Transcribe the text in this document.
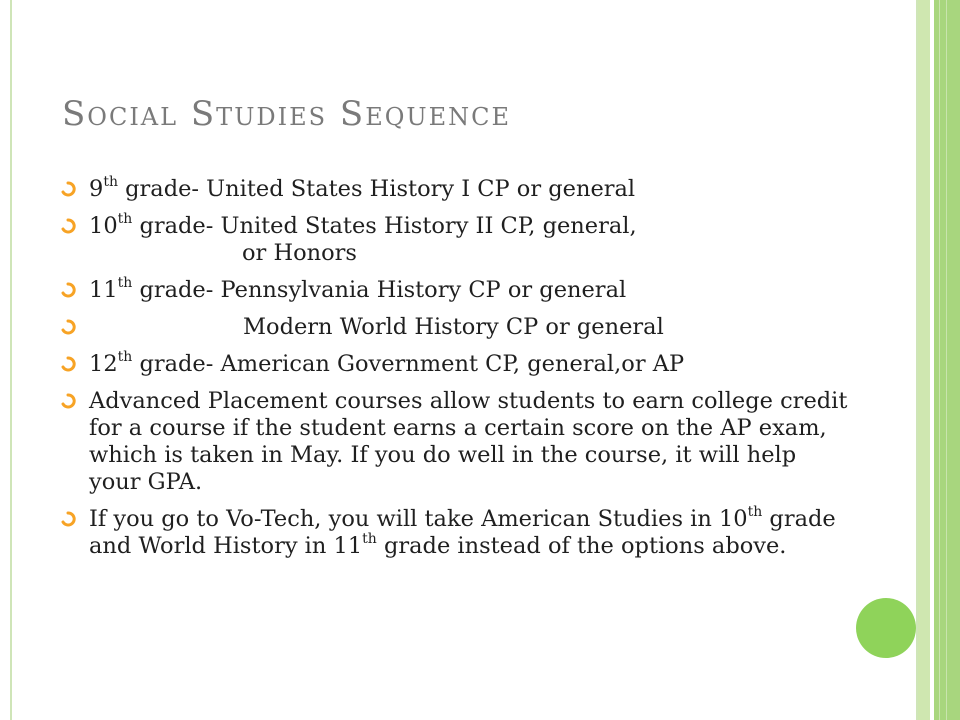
Social Studies Sequence
9th grade- United States History I CP or general
10th grade- United States History II CP, general,
or Honors
11th grade- Pennsylvania History CP or general
Modern World History CP or general
12th grade- American Government CP, general,or AP
Advanced Placement courses allow students to earn college credit for a course if the student earns a certain score on the AP exam, which is taken in May. If you do well in the course, it will help your GPA.
If you go to Vo-Tech, you will take American Studies in 10th grade and World History in 11th grade instead of the options above.
